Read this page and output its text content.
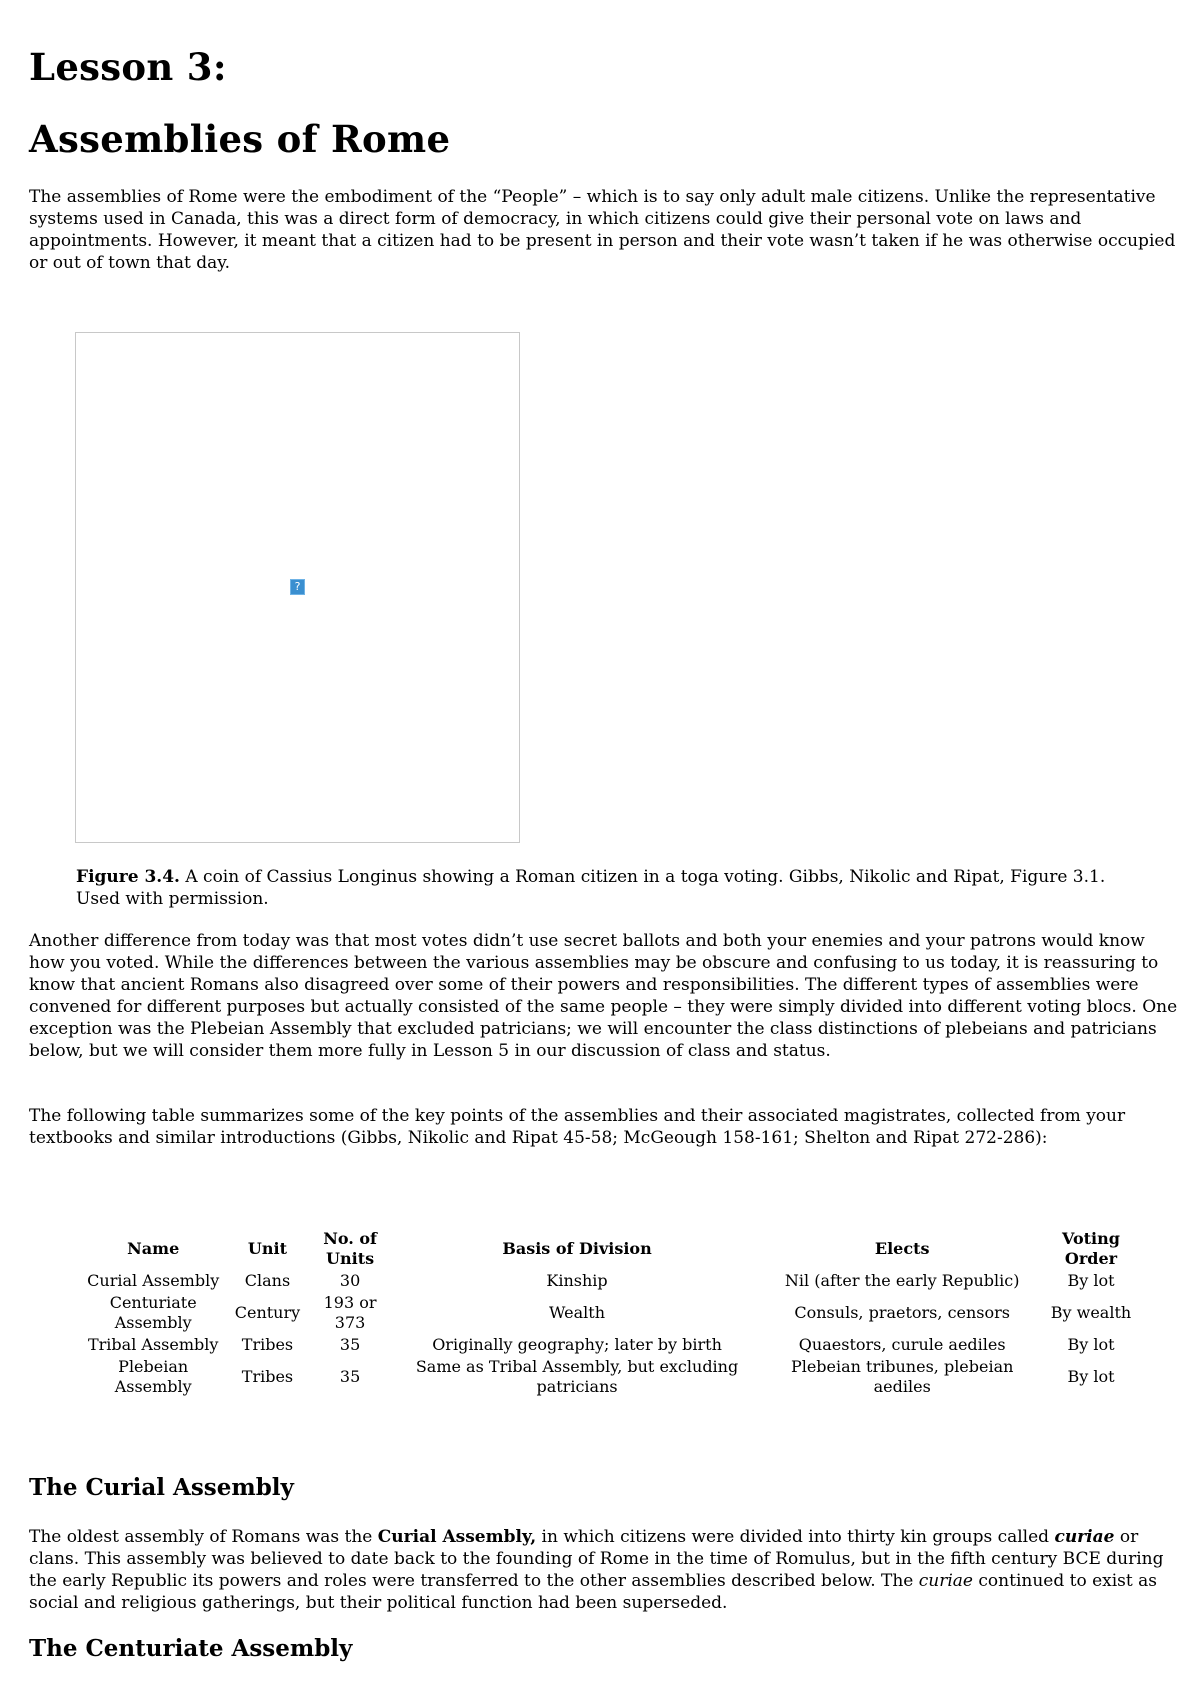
Lesson 3:
Assemblies of Rome

The assemblies of Rome were the embodiment of the “People” – which is to say only adult male citizens. Unlike the representative systems used in Canada, this was a direct form of democracy, in which citizens could give their personal vote on laws and appointments. However, it meant that a citizen had to be present in person and their vote wasn’t taken if he was otherwise occupied or out of town that day.

?

Figure 3.4. A coin of Cassius Longinus showing a Roman citizen in a toga voting. Gibbs, Nikolic and Ripat, Figure 3.1. Used with permission.

Another difference from today was that most votes didn’t use secret ballots and both your enemies and your patrons would know how you voted. While the differences between the various assemblies may be obscure and confusing to us today, it is reassuring to know that ancient Romans also disagreed over some of their powers and responsibilities. The different types of assemblies were convened for different purposes but actually consisted of the same people – they were simply divided into different voting blocs. One exception was the Plebeian Assembly that excluded patricians; we will encounter the class distinctions of plebeians and patricians below, but we will consider them more fully in Lesson 5 in our discussion of class and status.

The following table summarizes some of the key points of the assemblies and their associated magistrates, collected from your textbooks and similar introductions (Gibbs, Nikolic and Ripat 45-58; McGeough 158-161; Shelton and Ripat 272-286):

Name	Unit	No. of Units	Basis of Division	Elects	Voting Order
Curial Assembly	Clans	30	Kinship	Nil (after the early Republic)	By lot
Centuriate Assembly	Century	193 or 373	Wealth	Consuls, praetors, censors	By wealth
Tribal Assembly	Tribes	35	Originally geography; later by birth	Quaestors, curule aediles	By lot
Plebeian Assembly	Tribes	35	Same as Tribal Assembly, but excluding patricians	Plebeian tribunes, plebeian aediles	By lot
The Curial Assembly

The oldest assembly of Romans was the Curial Assembly, in which citizens were divided into thirty kin groups called curiae or clans. This assembly was believed to date back to the founding of Rome in the time of Romulus, but in the fifth century BCE during the early Republic its powers and roles were transferred to the other assemblies described below. The curiae continued to exist as social and religious gatherings, but their political function had been superseded.

The Centuriate Assembly
